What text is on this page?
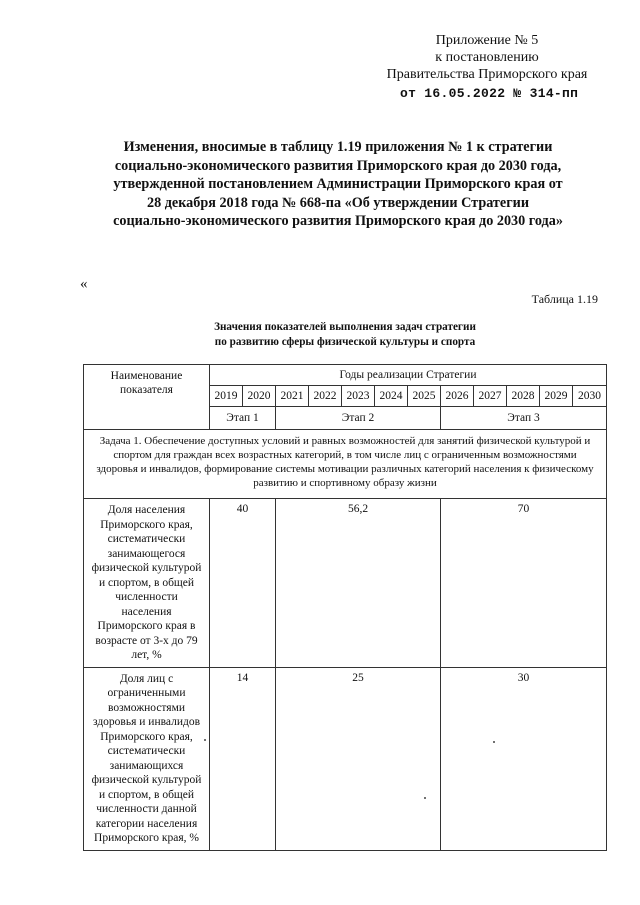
Приложение № 5
к постановлению
Правительства Приморского края
от 16.05.2022 № 314-пп
Изменения, вносимые в таблицу 1.19 приложения № 1 к стратегии социально-экономического развития Приморского края до 2030 года, утвержденной постановлением Администрации Приморского края от 28 декабря 2018 года № 668-па «Об утверждении Стратегии социально-экономического развития Приморского края до 2030 года»
«
Таблица 1.19
Значения показателей выполнения задач стратегии
по развитию сферы физической культуры и спорта
Наименование показателя	Годы реализации Стратегии											
	2019	2020	2021	2022	2023	2024	2025	2026	2027	2028	2029	2030
	Этап 1		Этап 2					Этап 3				
Задача 1. Обеспечение доступных условий и равных возможностей для занятий физической культурой и спортом для граждан всех возрастных категорий, в том числе лиц с ограниченным возможностями здоровья и инвалидов, формирование системы мотивации различных категорий населения к физическому развитию и спортивному образу жизни												
Доля населения Приморского края, систематически занимающегося физической культурой и спортом, в общей численности населения Приморского края в возрасте от 3-х до 79 лет, %	40		56,2					70				
Доля лиц с ограниченными возможностями здоровья и инвалидов Приморского края, систематически занимающихся физической культурой и спортом, в общей численности данной категории населения Приморского края, %	14		25					30				
